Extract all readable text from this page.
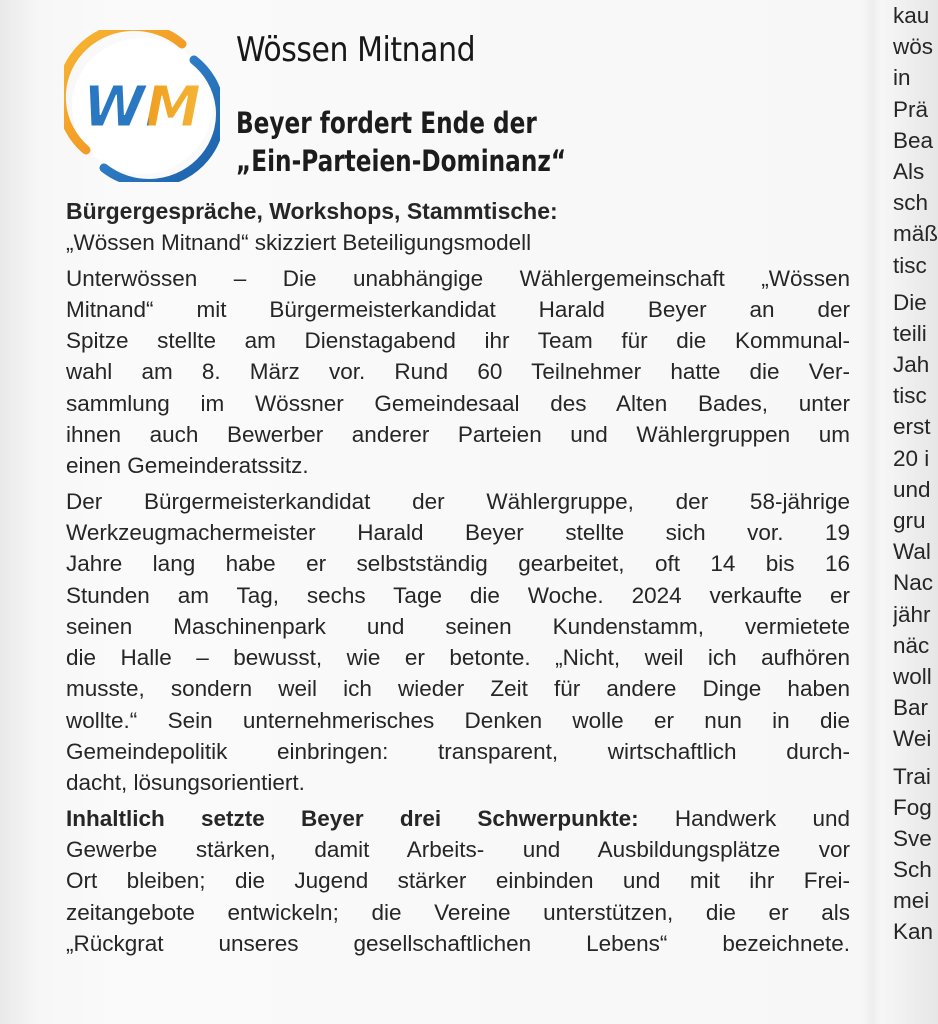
WM
Wössen Mitnand
Beyer fordert Ende der
„Ein-Parteien-Dominanz“
Bürgergespräche, Workshops, Stammtische:
„Wössen Mitnand“ skizziert Beteiligungsmodell
Unterwössen – Die unabhängige Wählergemeinschaft „Wössen
Mitnand“ mit Bürgermeisterkandidat Harald Beyer an der
Spitze stellte am Dienstagabend ihr Team für die Kommunal-
wahl am 8. März vor. Rund 60 Teilnehmer hatte die Ver-
sammlung im Wössner Gemeindesaal des Alten Bades, unter
ihnen auch Bewerber anderer Parteien und Wählergruppen um
einen Gemeinderatssitz.
Der Bürgermeisterkandidat der Wählergruppe, der 58-jährige
Werkzeugmachermeister Harald Beyer stellte sich vor. 19
Jahre lang habe er selbstständig gearbeitet, oft 14 bis 16
Stunden am Tag, sechs Tage die Woche. 2024 verkaufte er
seinen Maschinenpark und seinen Kundenstamm, vermietete
die Halle – bewusst, wie er betonte. „Nicht, weil ich aufhören
musste, sondern weil ich wieder Zeit für andere Dinge haben
wollte.“ Sein unternehmerisches Denken wolle er nun in die
Gemeindepolitik einbringen: transparent, wirtschaftlich durch-
dacht, lösungsorientiert.
Inhaltlich setzte Beyer drei Schwerpunkte: Handwerk und
Gewerbe stärken, damit Arbeits- und Ausbildungsplätze vor
Ort bleiben; die Jugend stärker einbinden und mit ihr Frei-
zeitangebote entwickeln; die Vereine unterstützen, die er als
„Rückgrat unseres gesellschaftlichen Lebens“ bezeichnete.
kau
wös
in
Prä
Bea
Als
sch
mäß
tisc
Die
teili
Jah
tisc
erst
20 i
und
gru
Wal
Nac
jähr
näc
woll
Bar
Wei
Trai
Fog
Sve
Sch
mei
Kan
